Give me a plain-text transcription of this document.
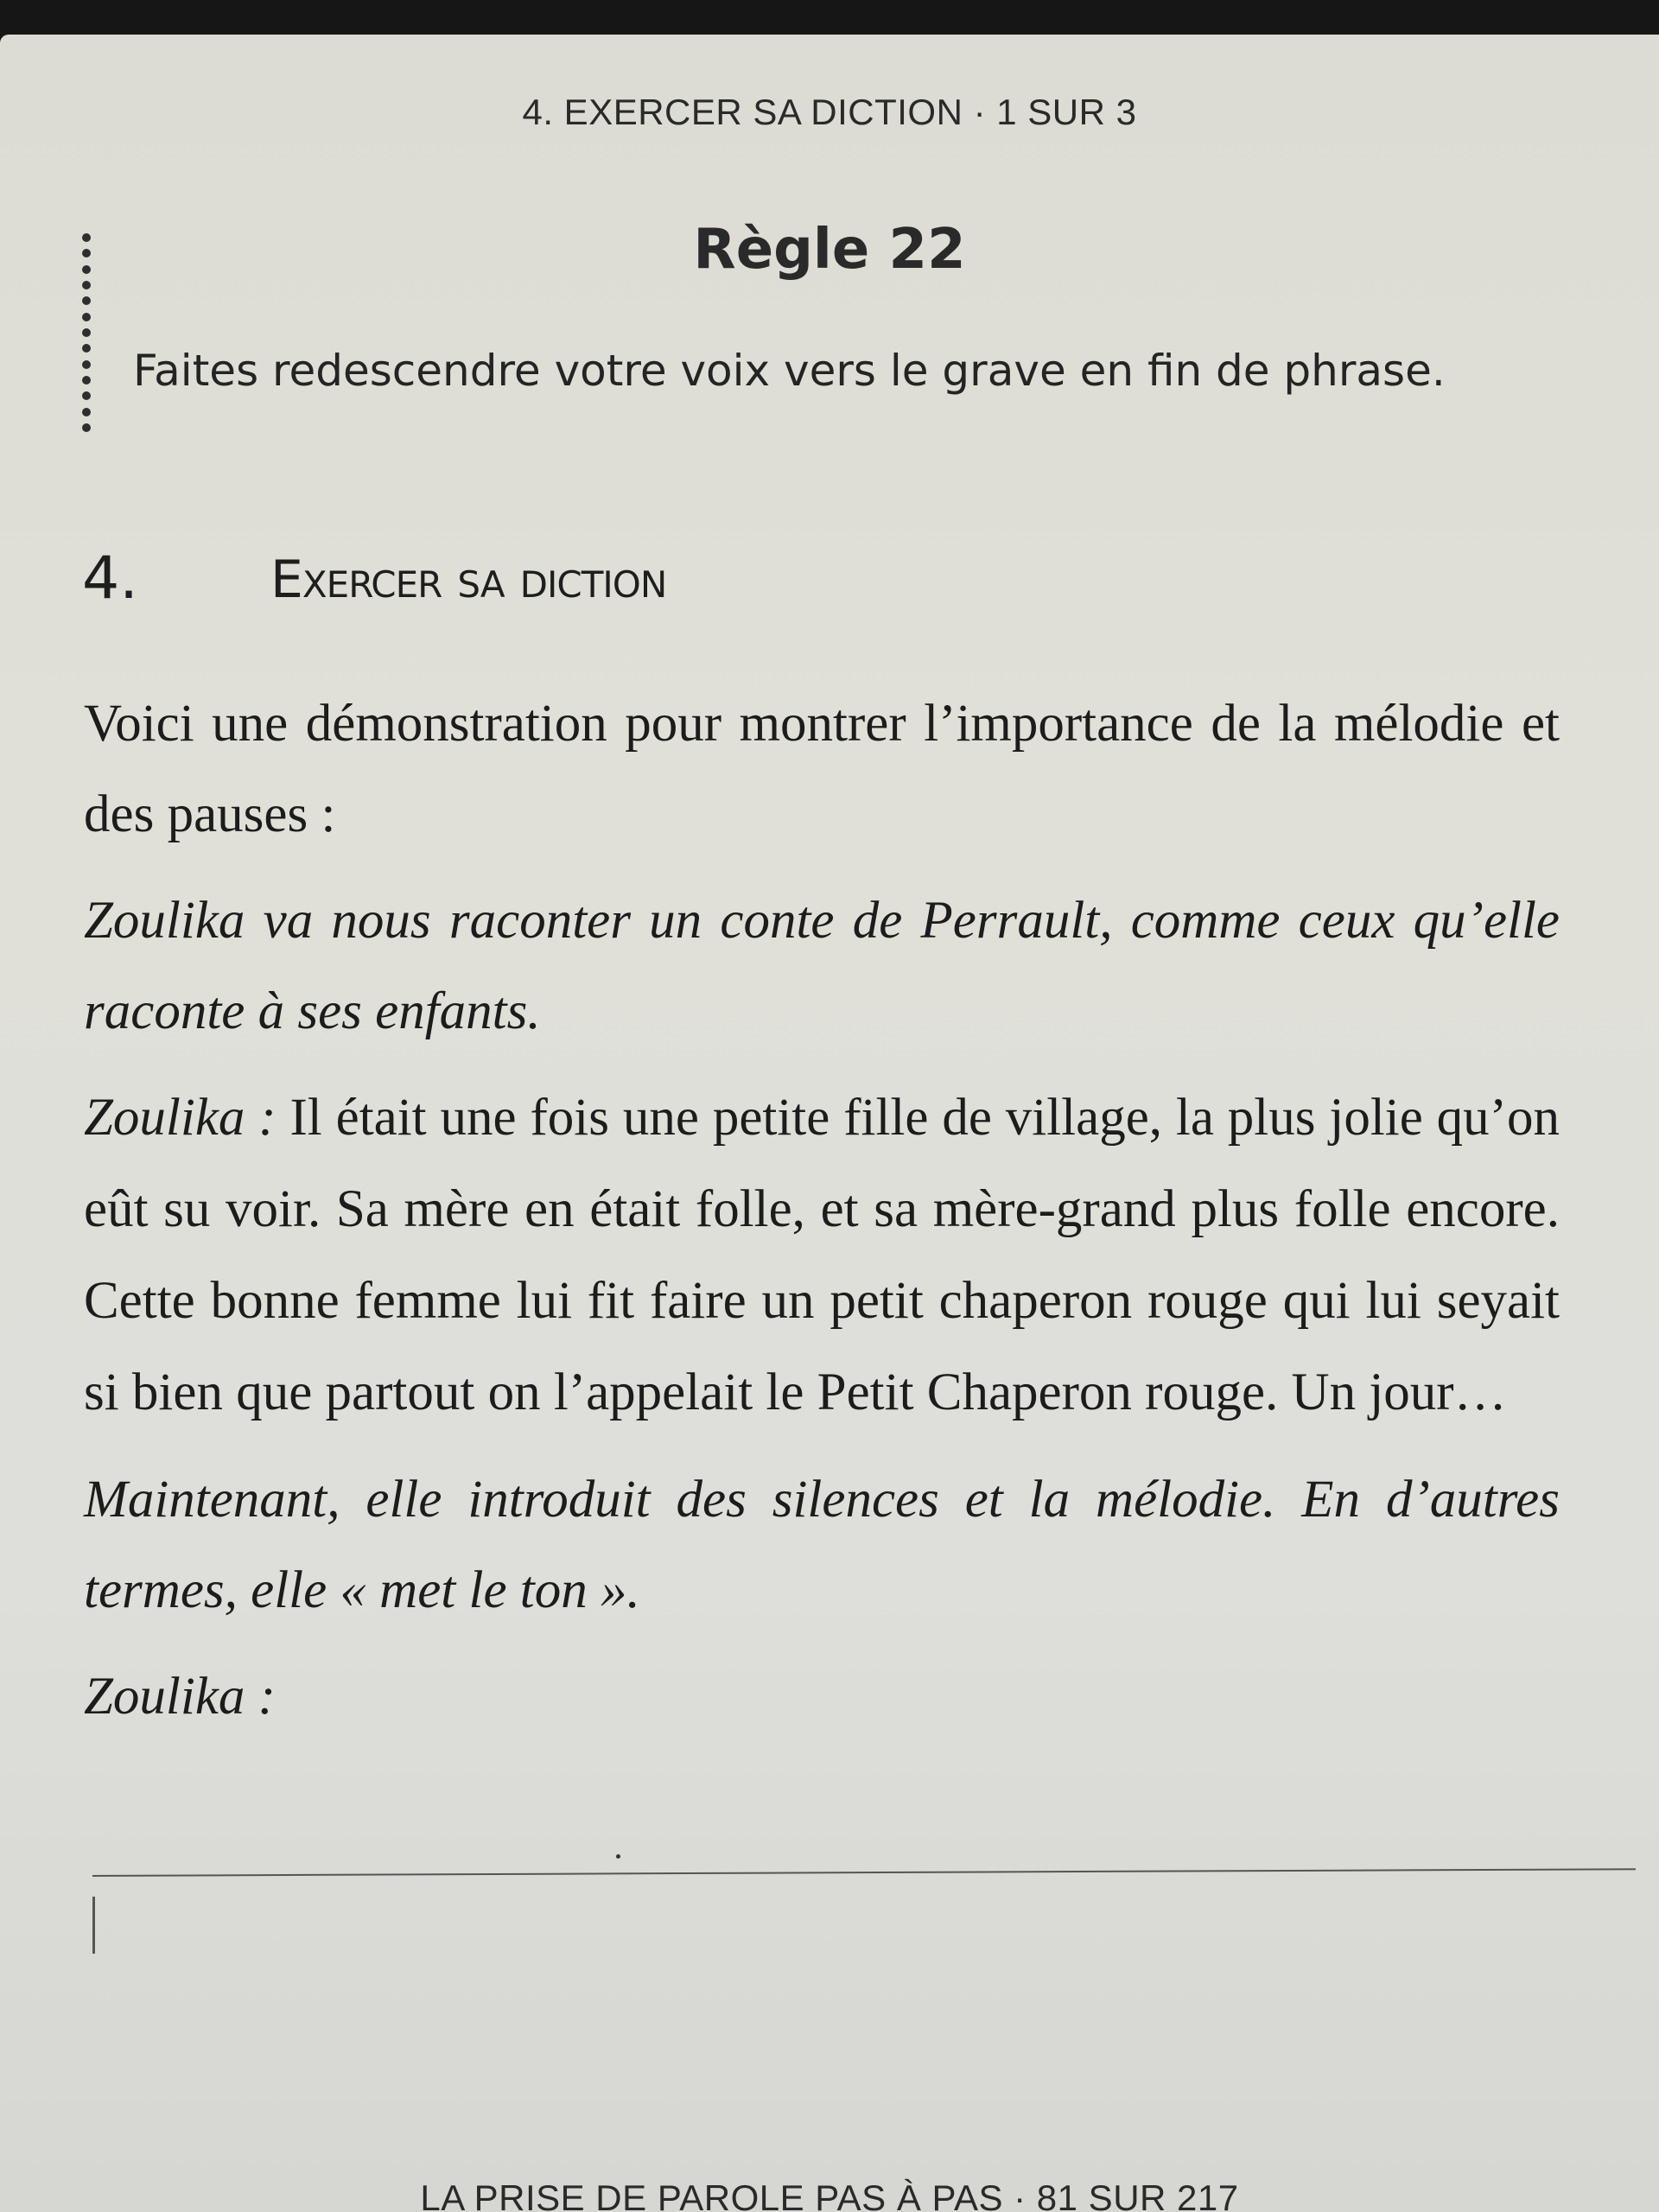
4. EXERCER SA DICTION · 1 SUR 3
Règle 22
Faites redescendre votre voix vers le grave en fin de phrase.
4.	Exercer sa diction

Voici une démonstration pour montrer l’importance de la mélodie et des pauses :

Zoulika va nous raconter un conte de Perrault, comme ceux qu’elle raconte à ses enfants.

Zoulika : Il était une fois une petite fille de village, la plus jolie qu’on eût su voir. Sa mère en était folle, et sa mère-grand plus folle encore. Cette bonne femme lui fit faire un petit chaperon rouge qui lui seyait si bien que partout on l’appelait le Petit Chaperon rouge. Un jour…

Maintenant, elle introduit des silences et la mélodie. En d’autres termes, elle « met le ton ».

Zoulika :

LA PRISE DE PAROLE PAS À PAS · 81 SUR 217
